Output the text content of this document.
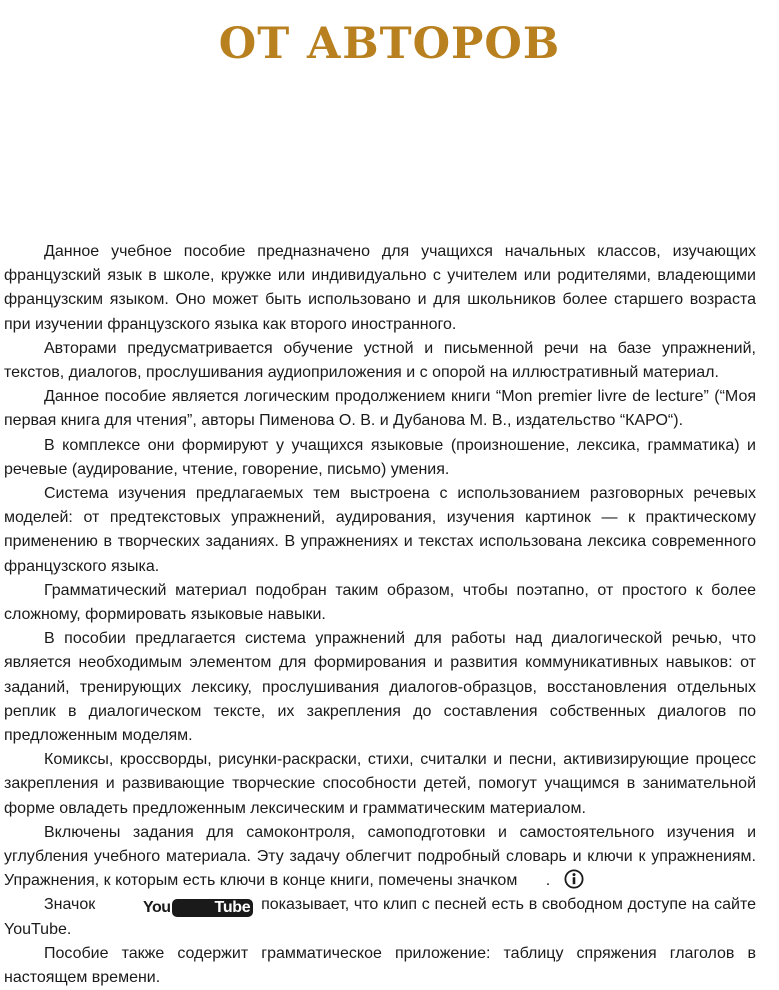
ОТ АВТОРОВ

Данное учебное пособие предназначено для учащихся начальных классов, изучающих французский язык в школе, кружке или индивидуально с учителем или родителями, владеющими французским языком. Оно может быть использовано и для школьников более старшего возраста при изучении французского языка как второго иностранного.

Авторами предусматривается обучение устной и письменной речи на базе упражнений, текстов, диалогов, прослушивания аудиоприложения и с опорой на иллюстративный материал.

Данное пособие является логическим продолжением книги “Mon premier livre de lecture” (“Моя первая книга для чтения”, авторы Пименова О. В. и Дубанова М. В., издательство “КАРО“).

В комплексе они формируют у учащихся языковые (произношение, лексика, грамматика) и речевые (аудирование, чтение, говорение, письмо) умения.

Система изучения предлагаемых тем выстроена с использованием разговорных речевых моделей: от предтекстовых упражнений, аудирования, изучения картинок — к практическому применению в творческих заданиях. В упражнениях и текстах использована лексика современного французского языка.

Грамматический материал подобран таким образом, чтобы поэтапно, от простого к более сложному, формировать языковые навыки.

В пособии предлагается система упражнений для работы над диалогической речью, что является необходимым элементом для формирования и развития коммуникативных навыков: от заданий, тренирующих лексику, прослушивания диалогов-образцов, восстановления отдельных реплик в диалогическом тексте, их закрепления до составления собственных диалогов по предложенным моделям.

Комиксы, кроссворды, рисунки-раскраски, стихи, считалки и песни, активизирующие процесс закрепления и развивающие творческие способности детей, помогут учащимся в занимательной форме овладеть предложенным лексическим и грамматическим материалом.

Включены задания для самоконтроля, самоподготовки и самостоятельного изучения и углубления учебного материала. Эту задачу облегчит подробный словарь и ключи к упражнениям. Упражнения, к которым есть ключи в конце книги, помечены значком .

Значок	You	Tube показывает, что клип с песней есть в свободном доступе на сайте YouTube.

Пособие также содержит грамматическое приложение: таблицу спряжения глаголов в настоящем времени.
